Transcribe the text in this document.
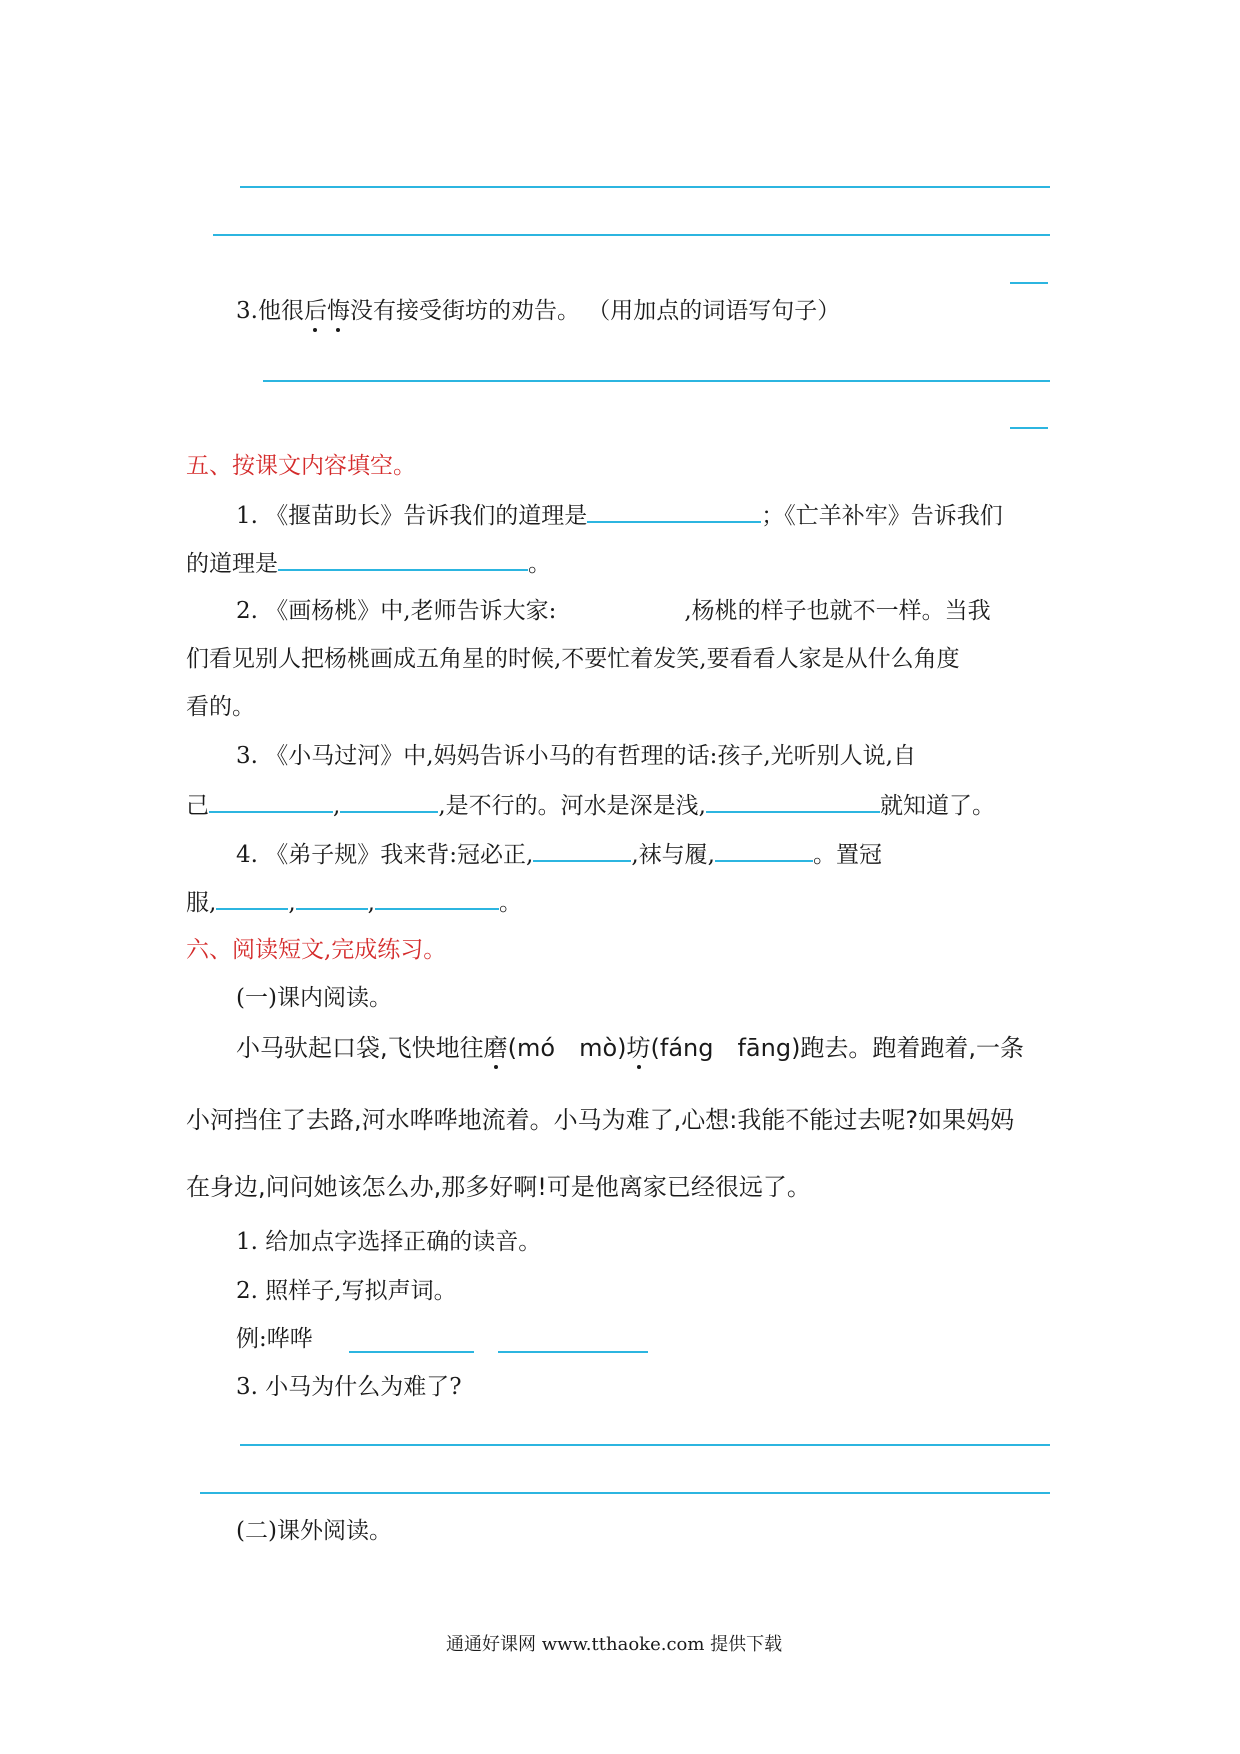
3.他很后悔没有接受街坊的劝告。 （用加点的词语写句子）
五、按课文内容填空。
1. 《揠苗助长》告诉我们的道理是	；《亡羊补牢》告诉我们
的道理是	。
2. 《画杨桃》中,老师告诉大家:	,杨桃的样子也就不一样。当我
们看见别人把杨桃画成五角星的时候,不要忙着发笑,要看看人家是从什么角度
看的。
3. 《小马过河》中,妈妈告诉小马的有哲理的话:孩子,光听别人说,自
己	,	,是不行的。河水是深是浅,	就知道了。
4. 《弟子规》我来背:冠必正,	,袜与履,	。置冠
服,	,	,	。
六、阅读短文,完成练习。
(一)课内阅读。
小马驮起口袋,飞快地往磨(mó　mò)坊(fáng　fāng)跑去。跑着跑着,一条
小河挡住了去路,河水哗哗地流着。小马为难了,心想:我能不能过去呢?如果妈妈
在身边,问问她该怎么办,那多好啊!可是他离家已经很远了。
1. 给加点字选择正确的读音。
2. 照样子,写拟声词。
例:哗哗
3. 小马为什么为难了?
(二)课外阅读。
通通好课网 www.tthaoke.com 提供下载
